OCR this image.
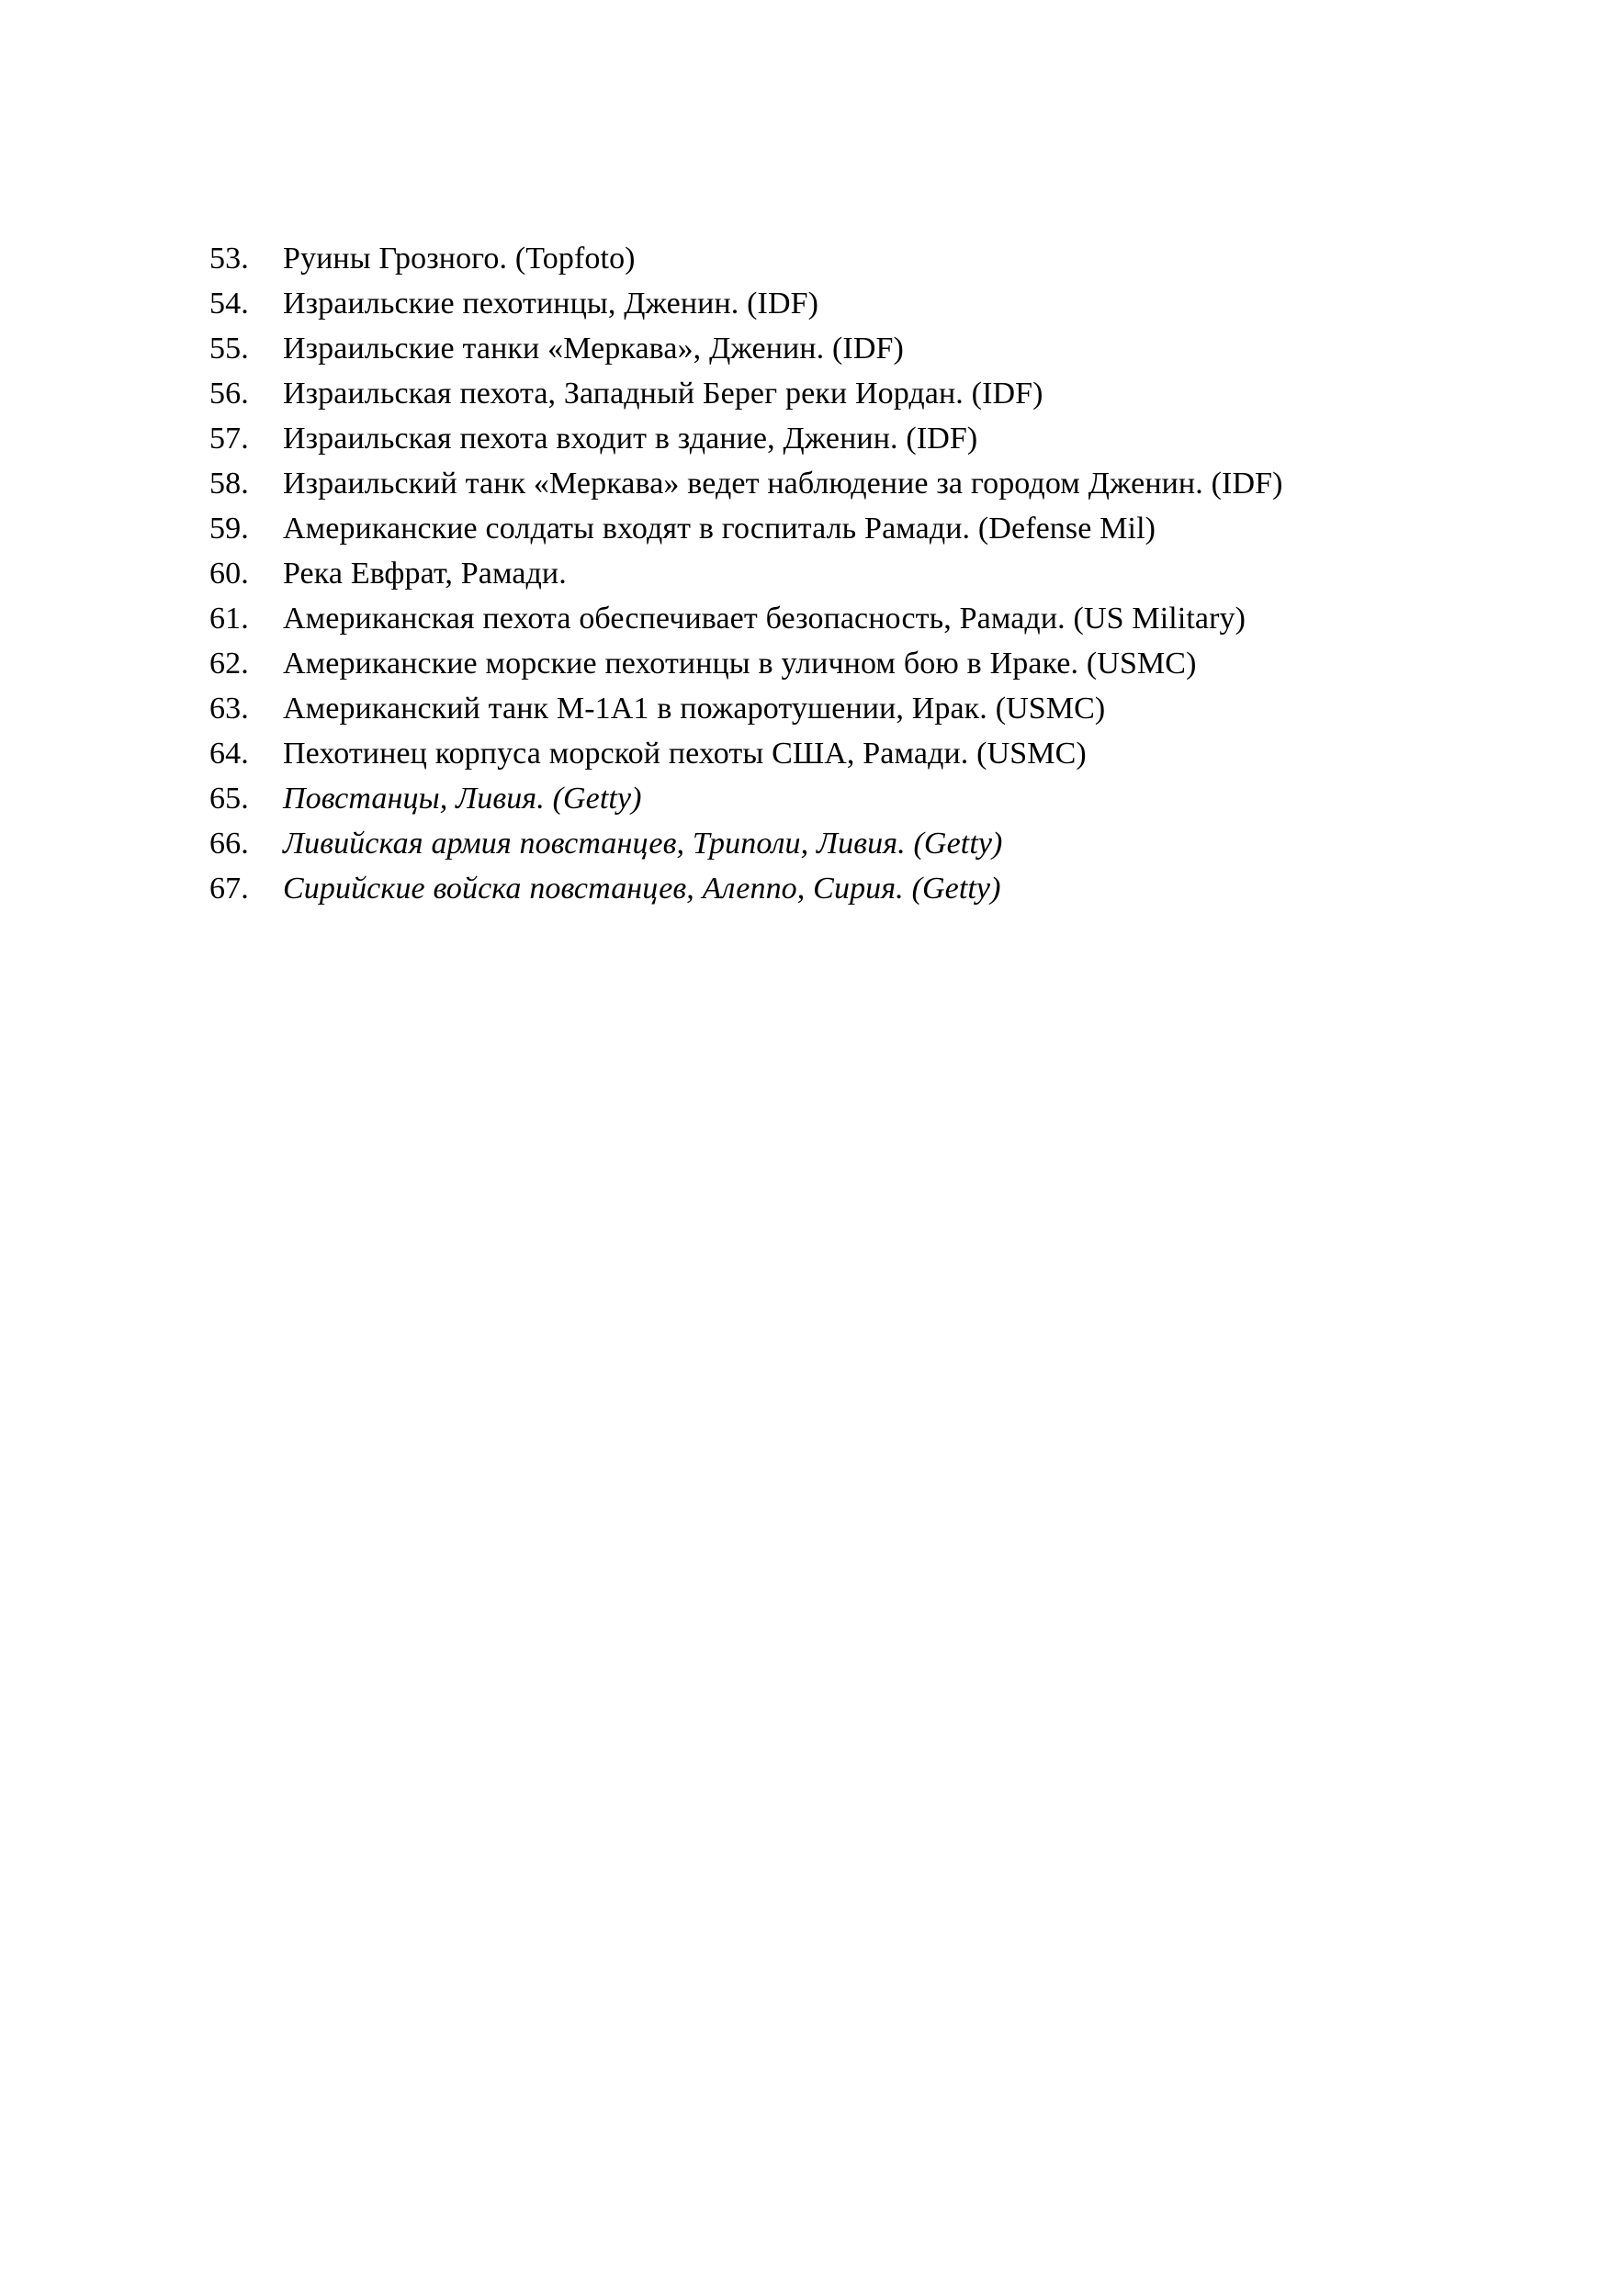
53.	Руины Грозного. (Topfoto)
54.	Израильские пехотинцы, Дженин. (IDF)
55.	Израильские танки «Меркава», Дженин. (IDF)
56.	Израильская пехота, Западный Берег реки Иордан. (IDF)
57.	Израильская пехота входит в здание, Дженин. (IDF)
58.	Израильский танк «Меркава» ведет наблюдение за городом Дженин. (IDF)
59.	Американские солдаты входят в госпиталь Рамади. (Defense Mil)
60.	Река Евфрат, Рамади.
61.	Американская пехота обеспечивает безопасность, Рамади. (US Military)
62.	Американские морские пехотинцы в уличном бою в Ираке. (USMC)
63.	Американский танк М-1А1 в пожаротушении, Ирак. (USMC)
64.	Пехотинец корпуса морской пехоты США, Рамади. (USMC)
65.	Повстанцы, Ливия. (Getty)
66.	Ливийская армия повстанцев, Триполи, Ливия. (Getty)
67.	Сирийские войска повстанцев, Алеппо, Сирия. (Getty)
